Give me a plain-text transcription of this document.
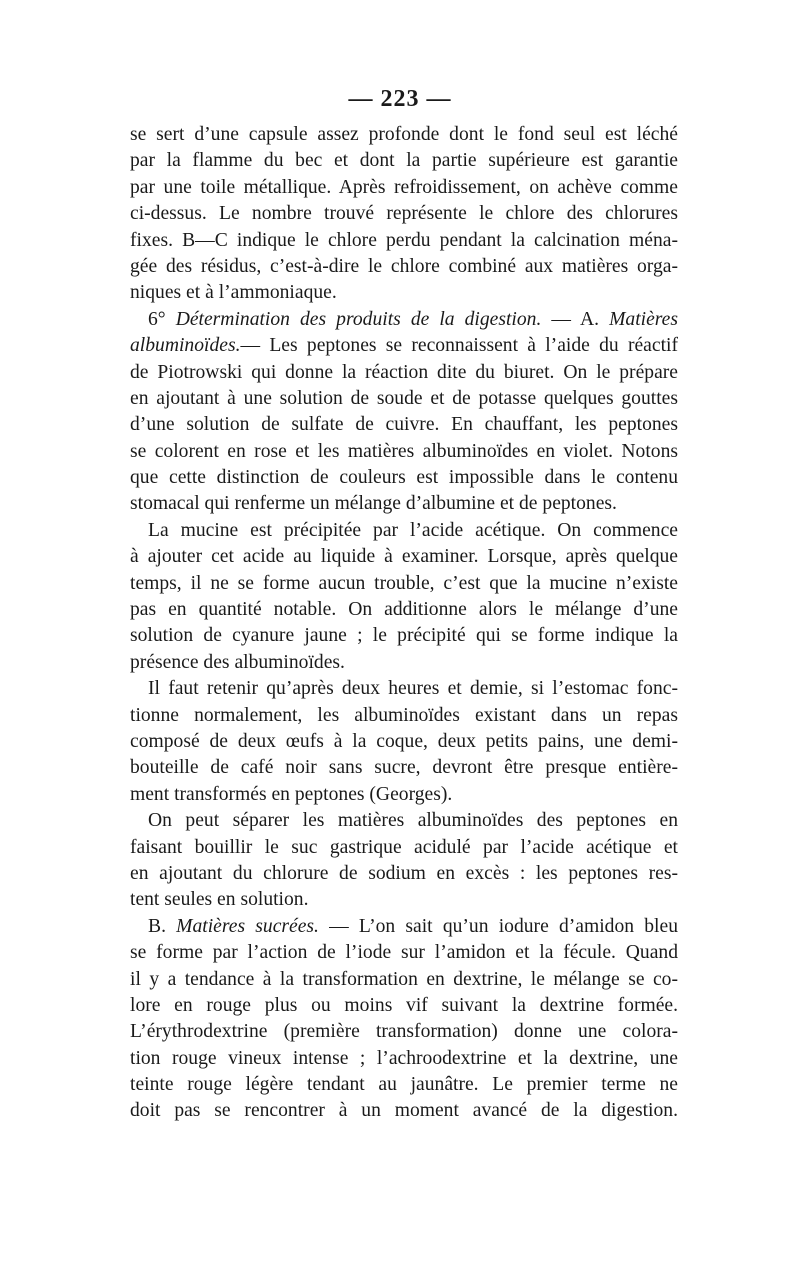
— 223 —
se sert d’une capsule assez profonde dont le fond seul est léché
par la flamme du bec et dont la partie supérieure est garantie
par une toile métallique. Après refroidissement, on achève comme
ci-dessus. Le nombre trouvé représente le chlore des chlorures
fixes. B—C indique le chlore perdu pendant la calcination ména-
gée des résidus, c’est-à-dire le chlore combiné aux matières orga-
niques et à l’ammoniaque.
6° Détermination des produits de la digestion. — A. Matières
albuminoïdes.— Les peptones se reconnaissent à l’aide du réactif
de Piotrowski qui donne la réaction dite du biuret. On le prépare
en ajoutant à une solution de soude et de potasse quelques gouttes
d’une solution de sulfate de cuivre. En chauffant, les peptones
se colorent en rose et les matières albuminoïdes en violet. Notons
que cette distinction de couleurs est impossible dans le contenu
stomacal qui renferme un mélange d’albumine et de peptones.
La mucine est précipitée par l’acide acétique. On commence
à ajouter cet acide au liquide à examiner. Lorsque, après quelque
temps, il ne se forme aucun trouble, c’est que la mucine n’existe
pas en quantité notable. On additionne alors le mélange d’une
solution de cyanure jaune ; le précipité qui se forme indique la
présence des albuminoïdes.
Il faut retenir qu’après deux heures et demie, si l’estomac fonc-
tionne normalement, les albuminoïdes existant dans un repas
composé de deux œufs à la coque, deux petits pains, une demi-
bouteille de café noir sans sucre, devront être presque entière-
ment transformés en peptones (Georges).
On peut séparer les matières albuminoïdes des peptones en
faisant bouillir le suc gastrique acidulé par l’acide acétique et
en ajoutant du chlorure de sodium en excès : les peptones res-
tent seules en solution.
B. Matières sucrées. — L’on sait qu’un iodure d’amidon bleu
se forme par l’action de l’iode sur l’amidon et la fécule. Quand
il y a tendance à la transformation en dextrine, le mélange se co-
lore en rouge plus ou moins vif suivant la dextrine formée.
L’érythrodextrine (première transformation) donne une colora-
tion rouge vineux intense ; l’achroodextrine et la dextrine, une
teinte rouge légère tendant au jaunâtre. Le premier terme ne
doit pas se rencontrer à un moment avancé de la digestion.
